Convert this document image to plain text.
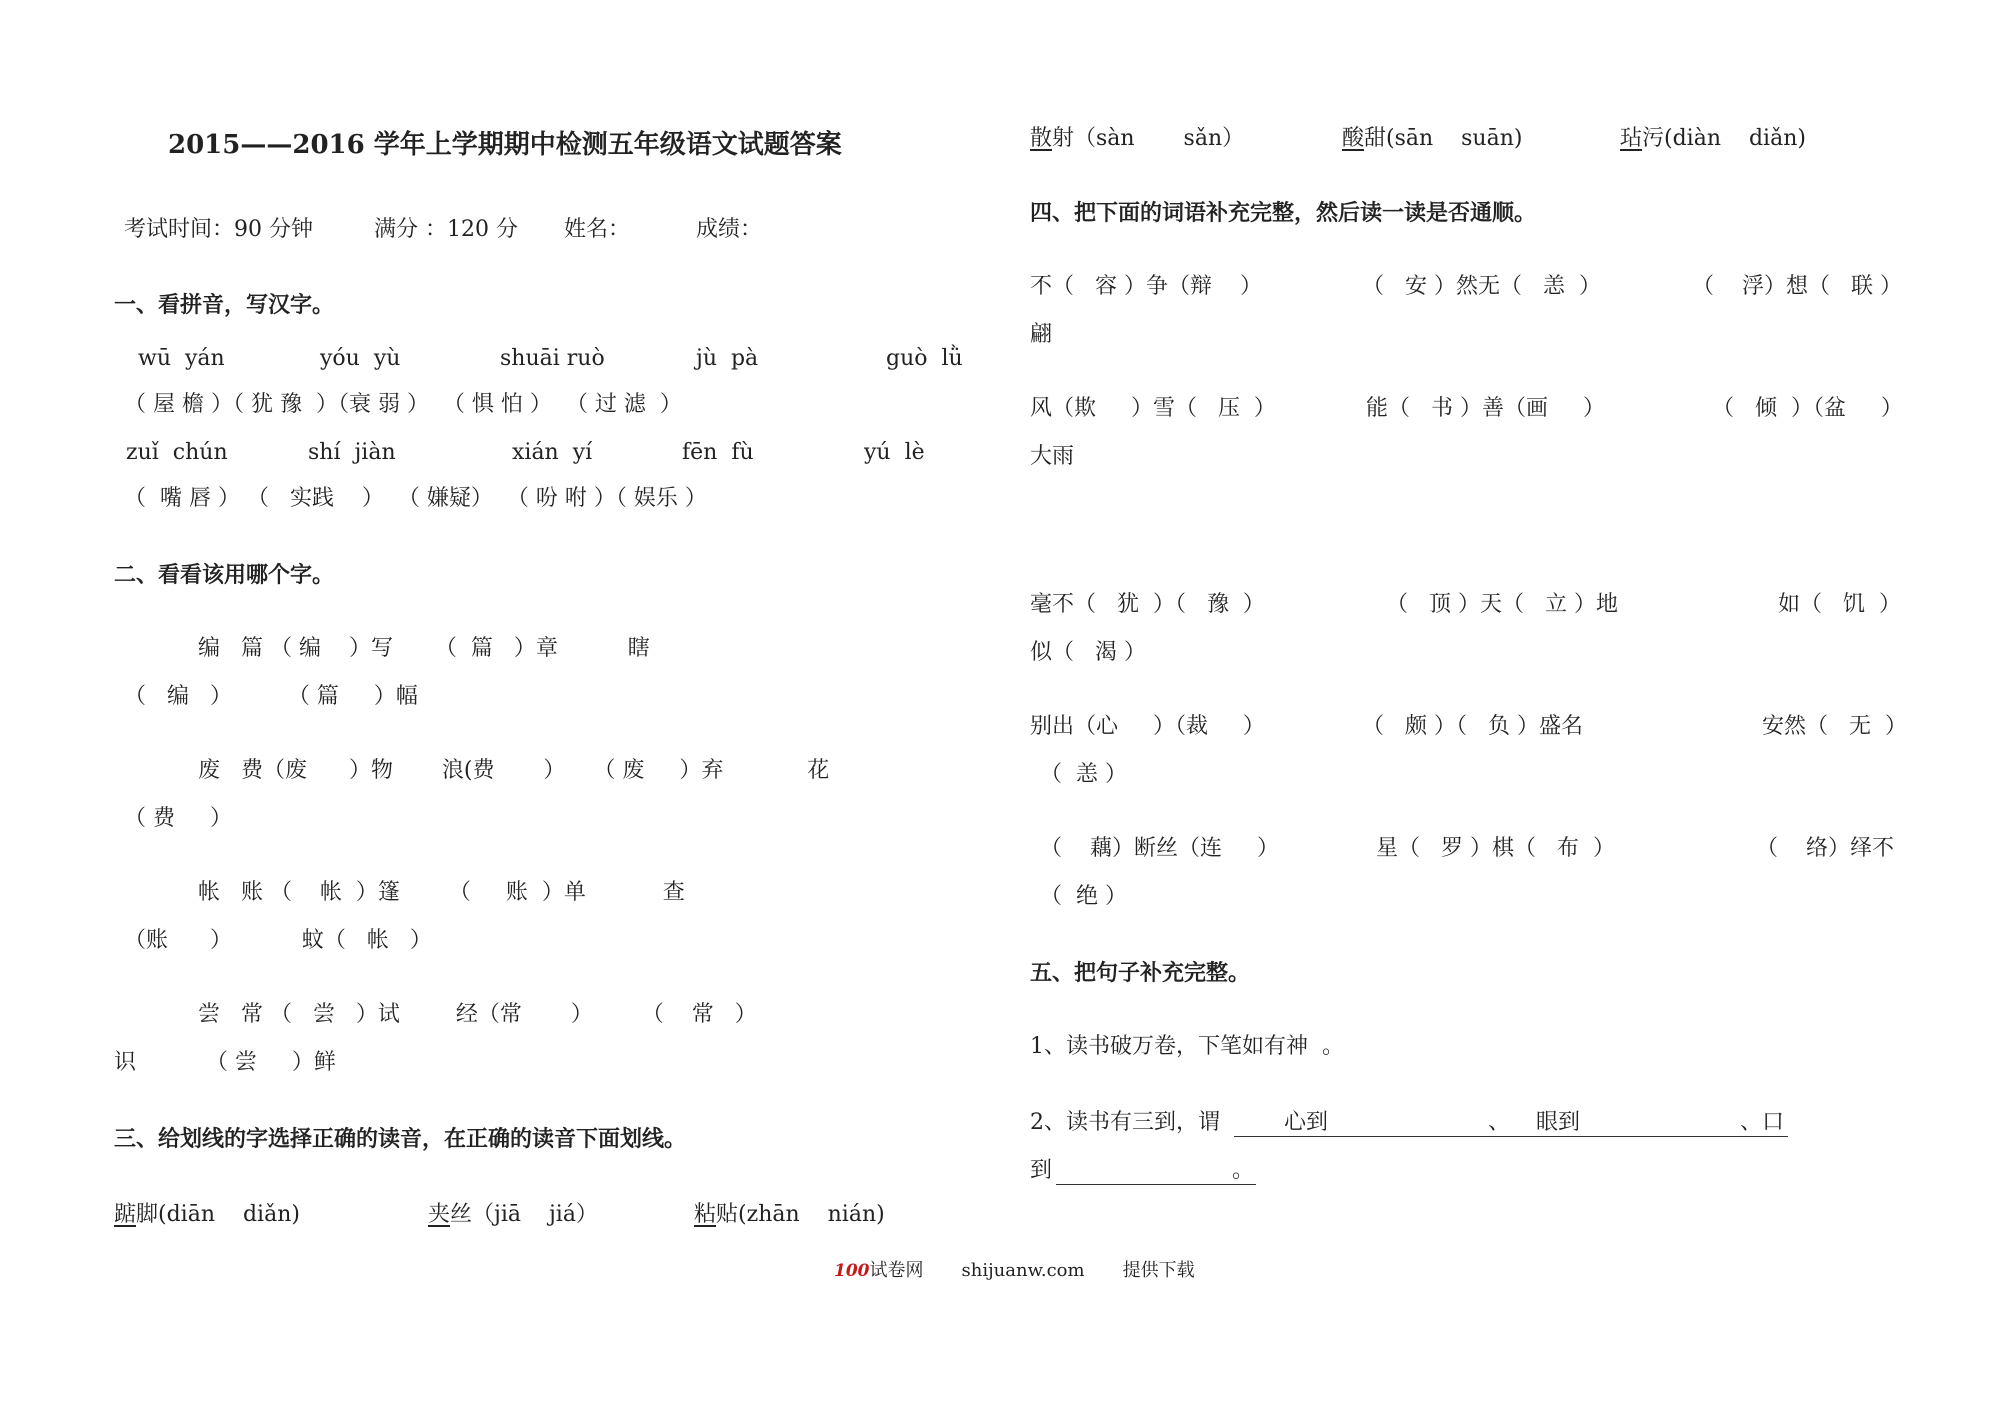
2015——2016 学年上学期期中检测五年级语文试题答案
考试时间：90 分钟	满分 ：120 分 姓名：	成绩：
一、看拼音，写汉字。
wū  yán	yóu  yù	shuāi ruò	jù  pà	guò  lǜ
（ 屋 檐 ）（ 犹 豫  ）（衰 弱 ）  （ 惧 怕 ）  （ 过 滤  ）
zuǐ  chún	shí  jiàn	xián  yí	fēn  fù	yú  lè
（  嘴 唇 ） （   实践    ）  （ 嫌疑）  （ 吩 咐 ）（ 娱乐 ）
二、看看该用哪个字。
编   篇 （ 编    ）写      （  篇   ）章          瞎
（   编   ）        （ 篇     ）幅
废   费（废      ）物       浪(费       ）    （ 废     ）弃            花
（ 费     ）
帐   账 （    帐  ）篷       （     账  ）单           查
（账      ）          蚊（   帐   ）
尝   常 （   尝   ）试        经（常       ）       （    常   ）
识          （ 尝     ）鲜
三、给划线的字选择正确的读音，在正确的读音下面划线。
踮脚(diān    diǎn)	夹丝（jiā    jiá）	粘贴(zhān    nián)
散射（sàn       sǎn）	酸甜(sān    suān)	玷污(diàn    diǎn)
四、把下面的词语补充完整，然后读一读是否通顺。
不（   容 ）争（辩    ）	（   安 ）然无（   恙  ）	（    浮）想（   联 ）
翩
风（欺     ）雪（   压  ）	能（   书 ）善（画     ）	（   倾  ）（盆     ）
大雨
毫不（   犹  ）（   豫  ）	（   顶 ）天（   立 ）地	如（   饥  ）
似（   渴 ）
别出（心     ）（裁     ）	（   颇 ）（   负 ）盛名	安然（   无  ）
（  恙 ）
（    藕）断丝（连     ）	星（   罗 ）棋（   布  ）	（    络）绎不
（  绝 ）
五、把句子补充完整。
1、读书破万卷，下笔如有神  。
2、读书有三到，谓	心到	、 眼到	、口
到	。
100试卷网 shijuanw.com 提供下载
